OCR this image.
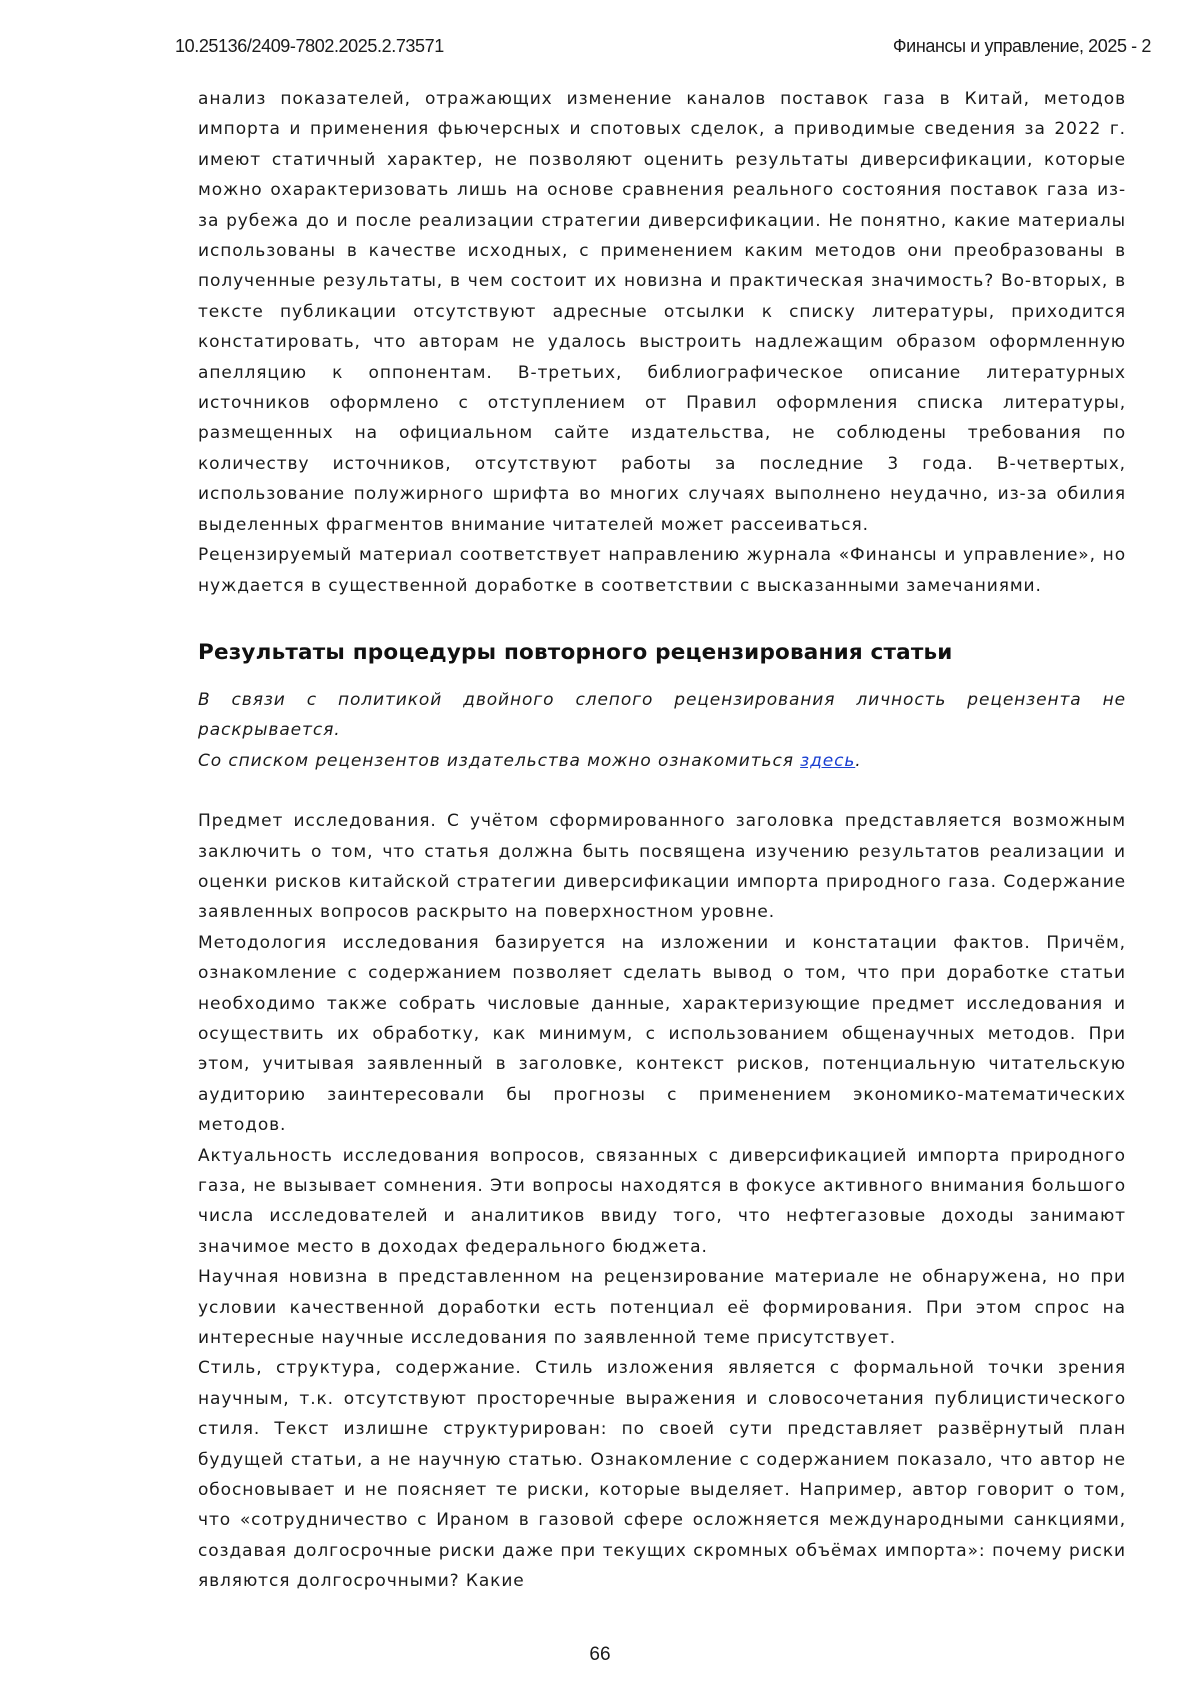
10.25136/2409-7802.2025.2.73571	Финансы и управление, 2025 - 2

анализ показателей, отражающих изменение каналов поставок газа в Китай, методов импорта и применения фьючерсных и спотовых сделок, а приводимые сведения за 2022 г. имеют статичный характер, не позволяют оценить результаты диверсификации, которые можно охарактеризовать лишь на основе сравнения реального состояния поставок газа из-за рубежа до и после реализации стратегии диверсификации. Не понятно, какие материалы использованы в качестве исходных, с применением каким методов они преобразованы в полученные результаты, в чем состоит их новизна и практическая значимость? Во-вторых, в тексте публикации отсутствуют адресные отсылки к списку литературы, приходится констатировать, что авторам не удалось выстроить надлежащим образом оформленную апелляцию к оппонентам. В-третьих, библиографическое описание литературных источников оформлено с отступлением от Правил оформления списка литературы, размещенных на официальном сайте издательства, не соблюдены требования по количеству источников, отсутствуют работы за последние 3 года. В-четвертых, использование полужирного шрифта во многих случаях выполнено неудачно, из-за обилия выделенных фрагментов внимание читателей может рассеиваться.

Рецензируемый материал соответствует направлению журнала «Финансы и управление», но нуждается в существенной доработке в соответствии с высказанными замечаниями.

Результаты процедуры повторного рецензирования статьи

В связи с политикой двойного слепого рецензирования личность рецензента не раскрывается.

Со списком рецензентов издательства можно ознакомиться здесь.

Предмет исследования. С учётом сформированного заголовка представляется возможным заключить о том, что статья должна быть посвящена изучению результатов реализации и оценки рисков китайской стратегии диверсификации импорта природного газа. Содержание заявленных вопросов раскрыто на поверхностном уровне.

Методология исследования базируется на изложении и констатации фактов. Причём, ознакомление с содержанием позволяет сделать вывод о том, что при доработке статьи необходимо также собрать числовые данные, характеризующие предмет исследования и осуществить их обработку, как минимум, с использованием общенаучных методов. При этом, учитывая заявленный в заголовке, контекст рисков, потенциальную читательскую аудиторию заинтересовали бы прогнозы с применением экономико-математических методов.

Актуальность исследования вопросов, связанных с диверсификацией импорта природного газа, не вызывает сомнения. Эти вопросы находятся в фокусе активного внимания большого числа исследователей и аналитиков ввиду того, что нефтегазовые доходы занимают значимое место в доходах федерального бюджета.

Научная новизна в представленном на рецензирование материале не обнаружена, но при условии качественной доработки есть потенциал её формирования. При этом спрос на интересные научные исследования по заявленной теме присутствует.

Стиль, структура, содержание. Стиль изложения является с формальной точки зрения научным, т.к. отсутствуют просторечные выражения и словосочетания публицистического стиля. Текст излишне структурирован: по своей сути представляет развёрнутый план будущей статьи, а не научную статью. Ознакомление с содержанием показало, что автор не обосновывает и не поясняет те риски, которые выделяет. Например, автор говорит о том, что «сотрудничество с Ираном в газовой сфере осложняется международными санкциями, создавая долгосрочные риски даже при текущих скромных объёмах импорта»: почему риски являются долгосрочными? Какие

66
